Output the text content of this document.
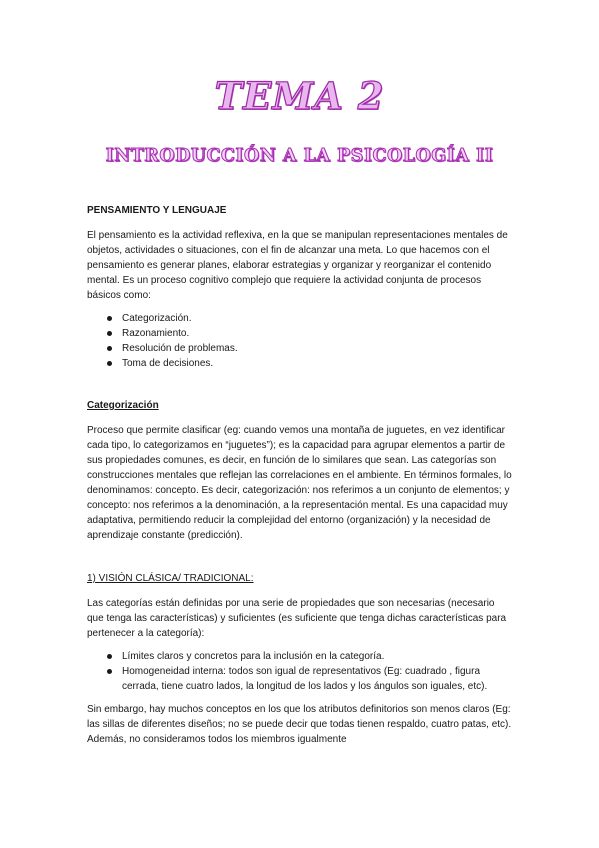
TEMA 2
INTRODUCCIÓN A LA PSICOLOGÍA II

PENSAMIENTO Y LENGUAJE

El pensamiento es la actividad reflexiva, en la que se manipulan representaciones mentales de objetos, actividades o situaciones, con el fin de alcanzar una meta. Lo que hacemos con el pensamiento es generar planes, elaborar estrategias y organizar y reorganizar el contenido mental. Es un proceso cognitivo complejo que requiere la actividad conjunta de procesos básicos como:

Categorización.
Razonamiento.
Resolución de problemas.
Toma de decisiones.

Categorización

Proceso que permite clasificar (eg: cuando vemos una montaña de juguetes, en vez identificar cada tipo, lo categorizamos en “juguetes”); es la capacidad para agrupar elementos a partir de sus propiedades comunes, es decir, en función de lo similares que sean. Las categorías son construcciones mentales que reflejan las correlaciones en el ambiente. En términos formales, lo denominamos: concepto. Es decir, categorización: nos referimos a un conjunto de elementos; y concepto: nos referimos a la denominación, a la representación mental. Es una capacidad muy adaptativa, permitiendo reducir la complejidad del entorno (organización) y la necesidad de aprendizaje constante (predicción).

1) VISIÓN CLÁSICA/ TRADICIONAL:

Las categorías están definidas por una serie de propiedades que son necesarias (necesario que tenga las características) y suficientes (es suficiente que tenga dichas características para pertenecer a la categoría):

Límites claros y concretos para la inclusión en la categoría.
Homogeneidad interna: todos son igual de representativos (Eg: cuadrado , figura cerrada, tiene cuatro lados, la longitud de los lados y los ángulos son iguales, etc).

Sin embargo, hay muchos conceptos en los que los atributos definitorios son menos claros (Eg: las sillas de diferentes diseños; no se puede decir que todas tienen respaldo, cuatro patas, etc). Además, no consideramos todos los miembros igualmente
